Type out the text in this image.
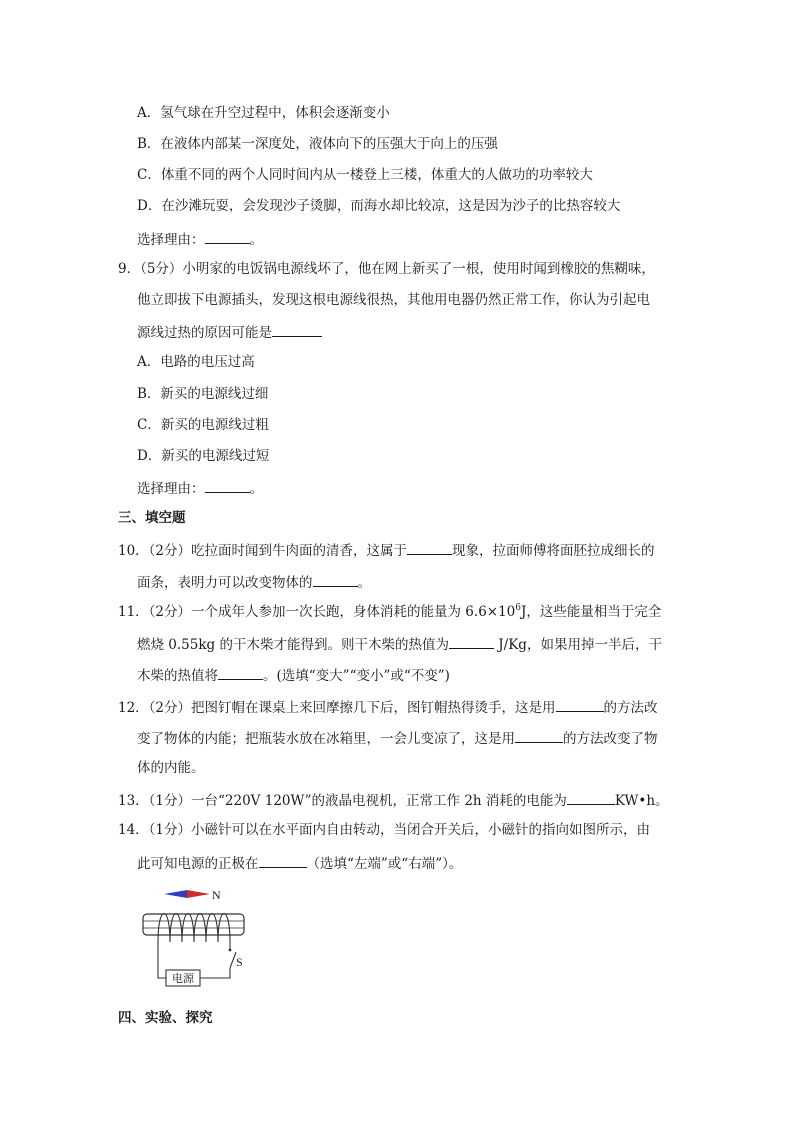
A．氢气球在升空过程中，体积会逐渐变小
B．在液体内部某一深度处，液体向下的压强大于向上的压强
C．体重不同的两个人同时间内从一楼登上三楼，体重大的人做功的功率较大
D．在沙滩玩耍，会发现沙子烫脚，而海水却比较凉，这是因为沙子的比热容较大
选择理由：	。
9．（5分）小明家的电饭锅电源线坏了，他在网上新买了一根，使用时闻到橡胶的焦糊味，
他立即拔下电源插头，发现这根电源线很热，其他用电器仍然正常工作，你认为引起电
源线过热的原因可能是
A．电路的电压过高
B．新买的电源线过细
C．新买的电源线过粗
D．新买的电源线过短
选择理由：	。
三、填空题
10．（2分）吃拉面时闻到牛肉面的清香，这属于	现象，拉面师傅将面胚拉成细长的
面条，表明力可以改变物体的	。
11．（2分）一个成年人参加一次长跑，身体消耗的能量为 $6.6\times 10^6J$，这些能量相当于完全
燃烧 0.55kg 的干木柴才能得到。则干木柴的热值为	J/Kg，如果用掉一半后，干
木柴的热值将	。(选填“变大”“变小”或“不变”)
12．（2分）把图钉帽在课桌上来回摩擦几下后，图钉帽热得烫手，这是用	的方法改
变了物体的内能；把瓶装水放在冰箱里，一会儿变凉了，这是用	的方法改变了物
体的内能。
13．（1分）一台“220V 120W”的液晶电视机，正常工作 2h 消耗的电能为	KW•h。
14．（1分）小磁针可以在水平面内自由转动，当闭合开关后，小磁针的指向如图所示，由
此可知电源的正极在	（选填“左端”或“右端”）。
N
S
电源
四、实验、探究
